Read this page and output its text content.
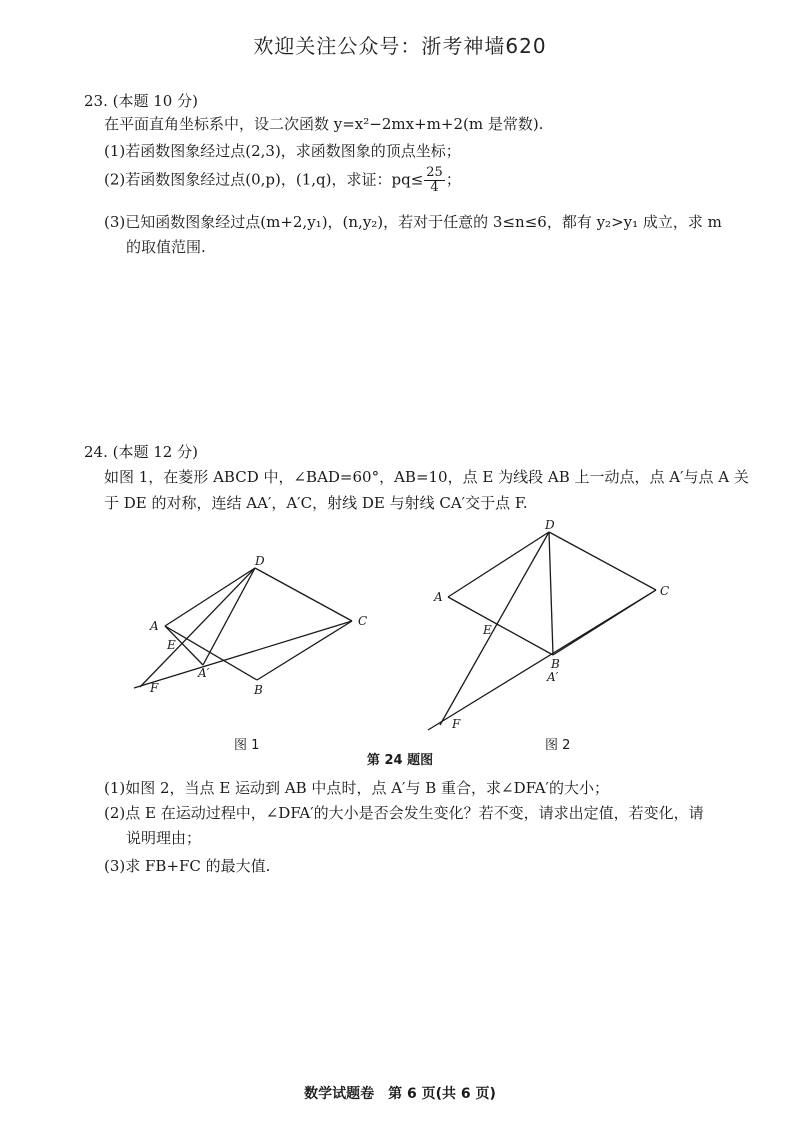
欢迎关注公众号：浙考神墙620
23. (本题 10 分)
在平面直角坐标系中，设二次函数 y=x²−2mx+m+2(m 是常数).
(1)若函数图象经过点(2,3)，求函数图象的顶点坐标；
(2)若函数图象经过点(0,p)，(1,q)，求证：$pq\le \frac{25}{4}$ ；
(3)已知函数图象经过点(m+2,y₁)，(n,y₂)，若对于任意的 3≤n≤6，都有 y₂>y₁ 成立，求 m
的取值范围.
24. (本题 12 分)
如图 1，在菱形 ABCD 中，∠BAD=60°，AB=10，点 E 为线段 AB 上一动点，点 A′与点 A 关
于 DE 的对称，连结 AA′，A′C，射线 DE 与射线 CA′交于点 F.
A
B
C
D
E
F
A′
A
B
A′
C
D
E
F
图 1	图 2
第 24 题图
(1)如图 2，当点 E 运动到 AB 中点时，点 A′与 B 重合，求∠DFA′的大小；
(2)点 E 在运动过程中，∠DFA′的大小是否会发生变化？若不变，请求出定值，若变化，请
说明理由；
(3)求 FB+FC 的最大值.
数学试题卷　第 6 页(共 6 页)
